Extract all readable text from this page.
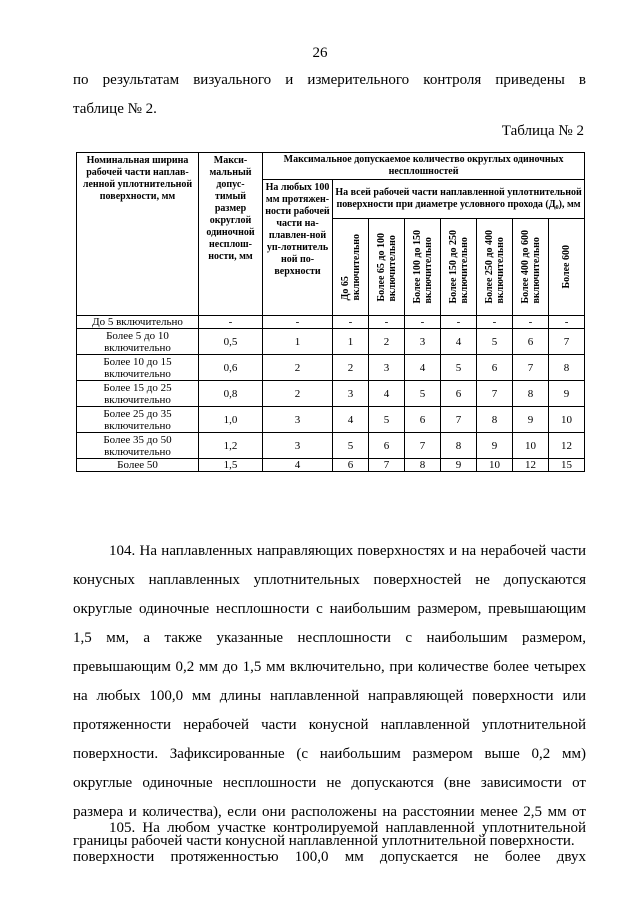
26

по результатам визуального и измерительного контроля приведены в
таблице № 2.

Таблица № 2
Номинальная ширина рабочей части наплав-ленной уплотнительной поверхности, мм	Макси-мальный допус-тимый размер округлой одиночной несплош-ности, мм	Максимальное допускаемое количество округлых одиночных несплошностей							
		На любых 100 мм протяжен-ности рабочей части на-плавлен-ной уп-лотнитель ной по-верхности	На всей рабочей части наплавленной уплотнительной поверхности при диаметре условного прохода (Д₀), мм						

			До 65
включительно	Более 65 до 100
включительно	Более 100 до 150
включительно	Более 150 до 250
включительно	Более 250 до 400
включительно	Более 400 до 600
включительно	Более 600

До 5 включительно	-	-	-	-	-	-	-	-	-
Более 5 до 10 включительно	0,5	1	1	2	3	4	5	6	7
Более 10 до 15 включительно	0,6	2	2	3	4	5	6	7	8
Более 15 до 25 включительно	0,8	2	3	4	5	6	7	8	9
Более 25 до 35 включительно	1,0	3	4	5	6	7	8	9	10
Более 35 до 50 включительно	1,2	3	5	6	7	8	9	10	12
Более 50	1,5	4	6	7	8	9	10	12	15

104. На наплавленных направляющих поверхностях и на нерабочей части конусных наплавленных уплотнительных поверхностей не допускаются округлые одиночные несплошности с наибольшим размером, превышающим 1,5 мм, а также указанные несплошности с наибольшим размером, превышающим 0,2 мм до 1,5 мм включительно, при количестве более четырех на любых 100,0 мм длины наплавленной направляющей поверхности или протяженности нерабочей части конусной наплавленной уплотнительной поверхности. Зафиксированные (с наибольшим размером выше 0,2 мм) округлые одиночные несплошности не допускаются (вне зависимости от размера и количества), если они расположены на расстоянии менее 2,5 мм от границы рабочей части конусной наплавленной уплотнительной поверхности.

105. На любом участке контролируемой наплавленной уплотнительной поверхности протяженностью 100,0 мм допускается не более двух
